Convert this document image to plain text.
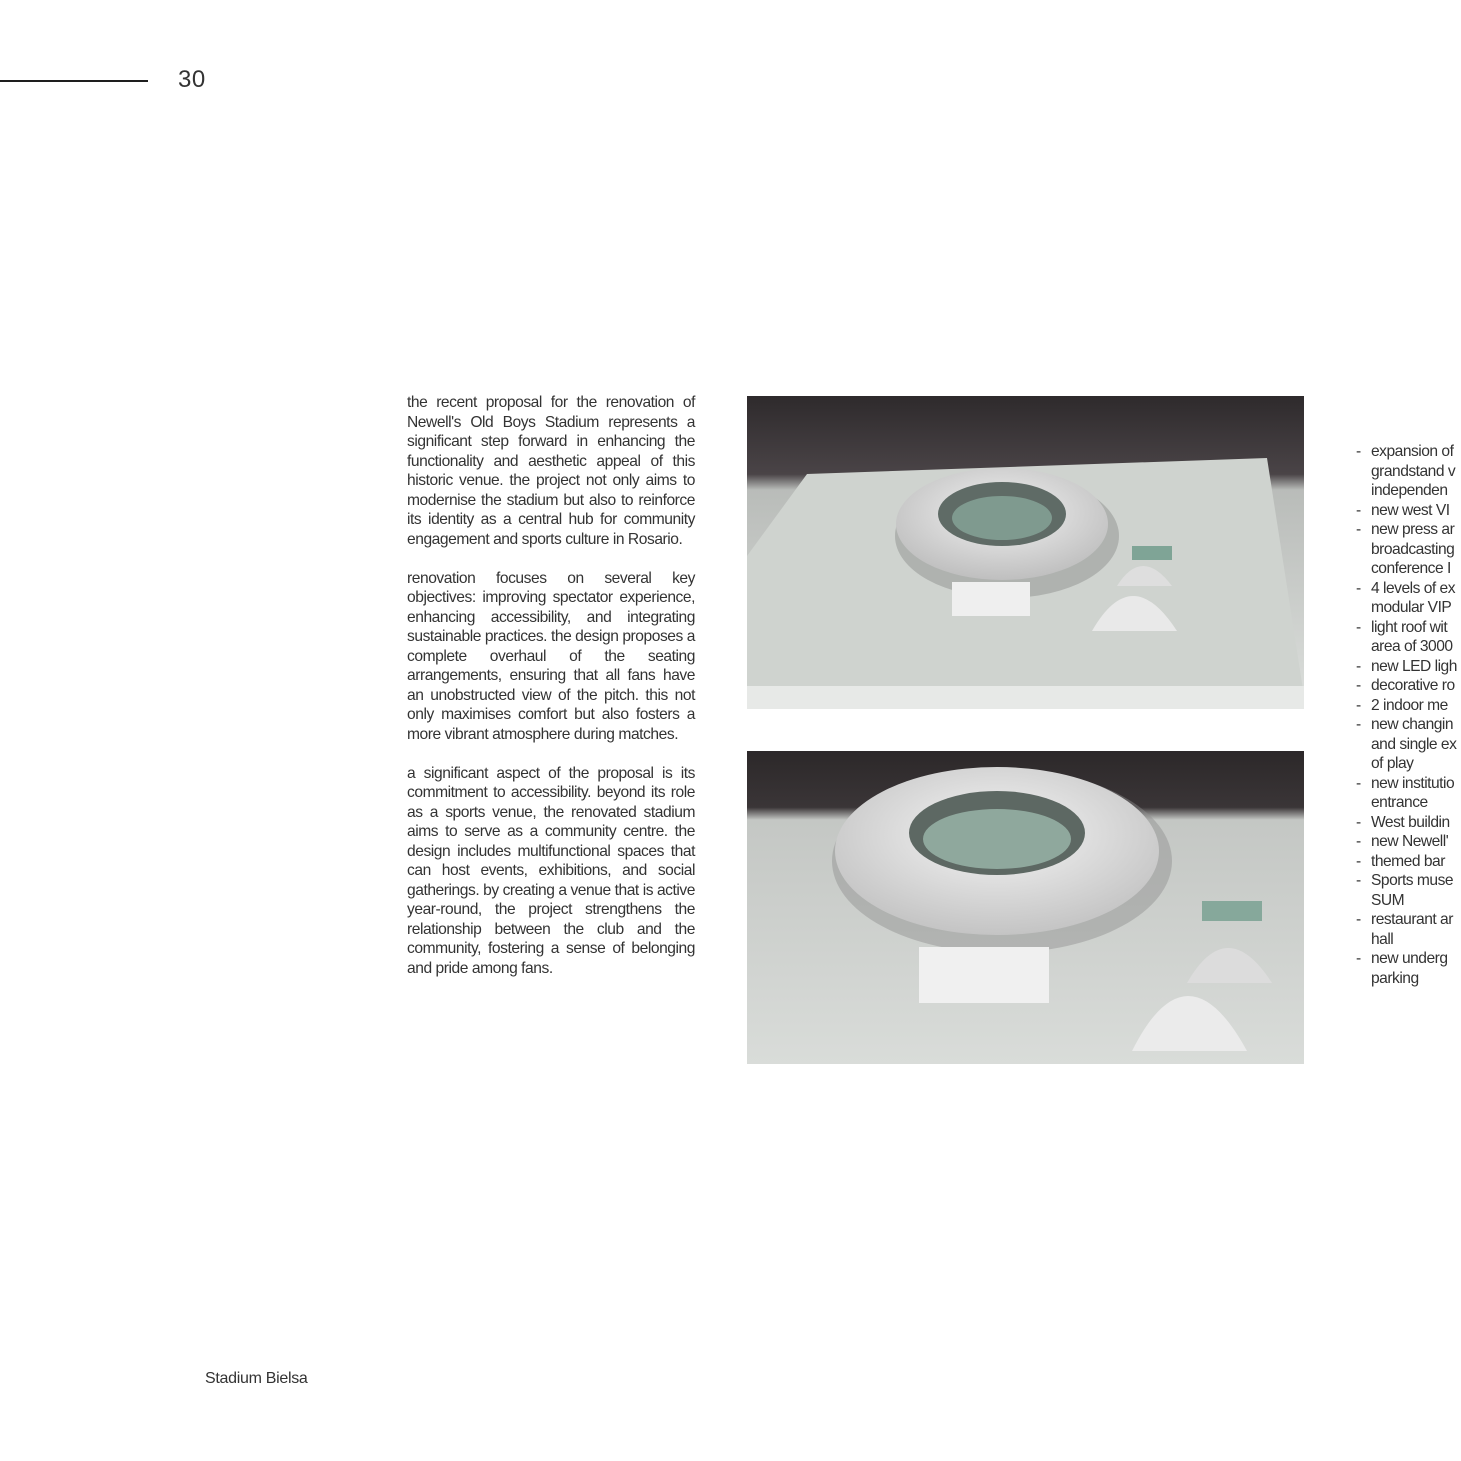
30

the recent proposal for the renovation of Newell's Old Boys Stadium represents a significant step forward in enhancing the functionality and aesthetic appeal of this historic venue. the project not only aims to modernise the stadium but also to reinforce its identity as a central hub for community engagement and sports culture in Rosario.

renovation focuses on several key objectives: improving spectator experience, enhancing accessibility, and integrating sustainable practices. the design proposes a complete overhaul of the seating arrangements, ensuring that all fans have an unobstructed view of the pitch. this not only maximises comfort but also fosters a more vibrant atmosphere during matches.

a significant aspect of the proposal is its commitment to accessibility. beyond its role as a sports venue, the renovated stadium aims to serve as a community centre. the design includes multifunctional spaces that can host events, exhibitions, and social gatherings. by creating a venue that is active year-round, the project strengthens the relationship between the club and the community, fostering a sense of belonging and pride among fans.

- expansion of
grandstand v
independen
- new west VI
- new press ar
broadcasting
conference I
- 4 levels of ex
modular VIP
- light roof wit
area of 3000
- new LED ligh
- decorative ro
- 2 indoor me
- new changin
and single ex
of play
- new institutio
entrance
- West buildin
- new Newell'
- themed bar
- Sports muse
SUM
- restaurant ar
hall
- new underg
parking
Stadium Bielsa
